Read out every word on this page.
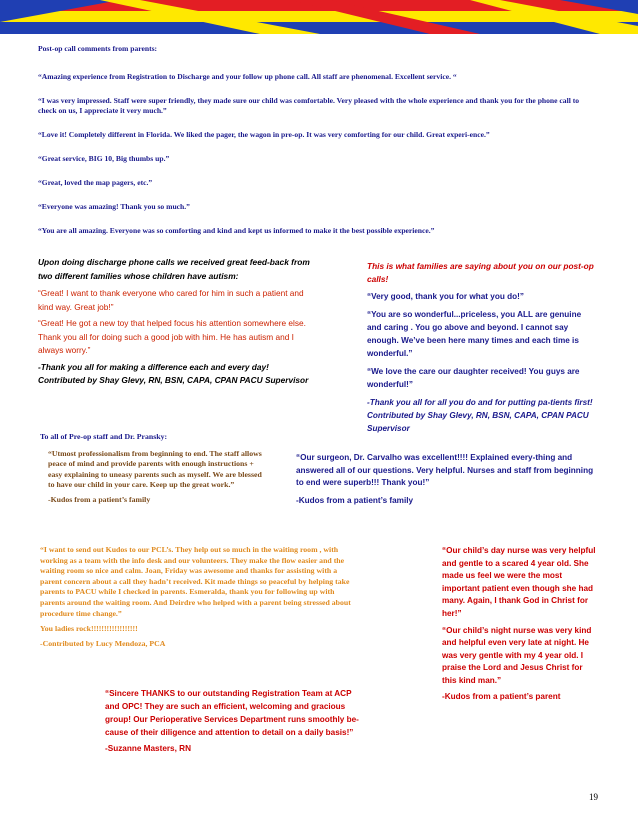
Post-op call comments from parents:
“Amazing experience from Registration to Discharge and your follow up phone call. All staff are phenomenal. Excellent service. “
“I was very impressed. Staff were super friendly, they made sure our child was comfortable. Very pleased with the whole experience and thank you for the phone call to check on us, I appreciate it very much.”
“Love it! Completely different in Florida. We liked the pager, the wagon in pre-op. It was very comforting for our child. Great experi-ence.”
“Great service, BIG 10, Big thumbs up.”
“Great, loved the map pagers, etc.”
“Everyone was amazing! Thank you so much.”
“You are all amazing. Everyone was so comforting and kind and kept us informed to make it the best possible experience.”
Upon doing discharge phone calls we received great feed-back from two different families whose children have autism:
“Great! I want to thank everyone who cared for him in such a patient and kind way. Great job!”
“Great! He got a new toy that helped focus his attention somewhere else. Thank you all for doing such a good job with him. He has autism and I always worry.”
-Thank you all for making a difference each and every day! Contributed by Shay Glevy, RN, BSN, CAPA, CPAN PACU Supervisor
This is what families are saying about you on our post-op calls!
“Very good, thank you for what you do!”
“You are so wonderful...priceless, you ALL are genuine and caring . You go above and beyond. I cannot say enough. We’ve been here many times and each time is wonderful.”
“We love the care our daughter received! You guys are wonderful!”
-Thank you all for all you do and for putting pa-tients first! Contributed by Shay Glevy, RN, BSN, CAPA, CPAN PACU Supervisor
To all of Pre-op staff and Dr. Pransky:
“Utmost professionalism from beginning to end. The staff allows peace of mind and provide parents with enough instructions + easy explaining to uneasy parents such as myself. We are blessed to have our child in your care. Keep up the great work.”
-Kudos from a patient’s family
“Our surgeon, Dr. Carvalho was excellent!!!! Explained every-thing and answered all of our questions. Very helpful. Nurses and staff from beginning to end were superb!!! Thank you!”
-Kudos from a patient’s family
“I want to send out Kudos to our PCL’s. They help out so much in the waiting room , with working as a team with the info desk and our volunteers. They make the flow easier and the waiting room so nice and calm. Joan, Friday was awesome and thanks for assisting with a parent concern about a call they hadn’t received. Kit made things so peaceful by helping take parents to PACU while I checked in parents. Esmeralda, thank you for following up with parents around the waiting room. And Deirdre who helped with a parent being stressed about procedure time change.”
You ladies rock!!!!!!!!!!!!!!!!!!
-Contributed by Lucy Mendoza, PCA
“Sincere THANKS to our outstanding Registration Team at ACP and OPC! They are such an efficient, welcoming and gracious group! Our Perioperative Services Department runs smoothly be-cause of their diligence and attention to detail on a daily basis!”
-Suzanne Masters, RN
“Our child’s day nurse was very helpful and gentle to a scared 4 year old. She made us feel we were the most important patient even though she had many. Again, I thank God in Christ for her!”
“Our child’s night nurse was very kind and helpful even very late at night. He was very gentle with my 4 year old. I praise the Lord and Jesus Christ for this kind man.”
-Kudos from a patient’s parent
19
